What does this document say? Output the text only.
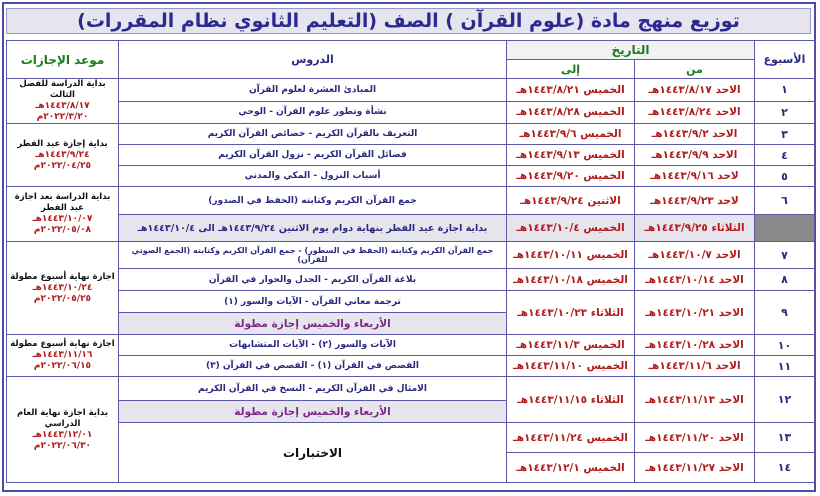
توزيع منهج مادة (علوم القرآن ) الصف (التعليم الثانوي نظام المقررات)
الأسبوع	التاريخ		الدروس	موعد الإجازات
	من	إلى		
١	الاحد ١٤٤٣/٨/١٧هـ	الخميس ١٤٤٣/٨/٢١هـ	المبادئ العشرة لعلوم القرآن	بداية الدراسة للفصل الثالث
١٤٤٣/٨/١٧هـ
٢٠٢٢/٣/٢٠م

٢	الاحد ١٤٤٣/٨/٢٤هـ	الخميس ١٤٤٣/٨/٢٨هـ	نشأة وتطور علوم القرآن - الوحي	
٣	الاحد ١٤٤٣/٩/٢هـ	الخميس ١٤٤٣/٩/٦هـ	التعريف بالقرآن الكريم - خصائص القرآن الكريم	بداية إجازة عيد الفطر
١٤٤٣/٩/٢٤هـ
٢٠٢٢/٠٤/٢٥م

٤	الاحد ١٤٤٣/٩/٩هـ	الخميس ١٤٤٣/٩/١٣هـ	فضائل القرآن الكريم - نزول القرآن الكريم	
٥	لاحد ١٤٤٣/٩/١٦هـ	الخميس ١٤٤٣/٩/٢٠هـ	أسباب النزول - المكي والمدني	
٦	لاحد ١٤٤٣/٩/٢٣هـ	الاثنين ١٤٤٣/٩/٢٤هـ	جمع القرآن الكريم وكتابته (الحفظ في الصدور)	بداية الدراسة بعد اجازة عيد الفطر
١٤٤٣/١٠/٠٧هـ
٢٠٢٢/٠٥/٠٨م

	الثلاثاء ١٤٤٣/٩/٢٥هـ	الخميس ١٤٤٣/١٠/٤هـ	بداية اجازة عيد الفطر بنهاية دوام يوم الاثنين ١٤٤٣/٩/٢٤هـ الى ١٤٤٣/١٠/٤هـ	
٧	الاحد ١٤٤٣/١٠/٧هـ	الخميس ١٤٤٣/١٠/١١هـ	جمع القرآن الكريم وكتابته (الحفظ في السطور) - جمع القرآن الكريم وكتابته (الجمع الصوتي للقرآن)	اجازة نهاية أسبوع مطولة
١٤٤٣/١٠/٢٤هـ
٢٠٢٢/٠٥/٢٥م

٨	الاحد ١٤٤٣/١٠/١٤هـ	الخميس ١٤٤٣/١٠/١٨هـ	بلاغة القرآن الكريم - الجدل والحوار في القرآن	
٩	الاحد ١٤٤٣/١٠/٢١هـ	الثلاثاء ١٤٤٣/١٠/٢٣هـ	ترجمة معاني القرآن - الآيات والسور (١)	
			الأربعاء والخميس إجازة مطولة	
١٠	الاحد ١٤٤٣/١٠/٢٨هـ	الخميس ١٤٤٣/١١/٣هـ	الآيات والسور (٢) - الآيات المتشابهات	اجازة نهاية أسبوع مطولة
١٤٤٣/١١/١٦هـ
٢٠٢٢/٠٦/١٥م

١١	الاحد ١٤٤٣/١١/٦هـ	الخميس ١٤٤٣/١١/١٠هـ	القصص في القرآن (١) - القصص في القرآن (٣)	
١٢	الاحد ١٤٤٣/١١/١٣هـ	الثلاثاء ١٤٤٣/١١/١٥هـ	الامثال في القرآن الكريم - النسخ في القرآن الكريم	بداية اجازة نهاية العام الدراسي
١٤٤٣/١٢/٠١هـ
٢٠٢٢/٠٦/٣٠م

			الأربعاء والخميس إجازة مطولة	
١٣	الاحد ١٤٤٣/١١/٢٠هـ	الخميس ١٤٤٣/١١/٢٤هـ	الاختبارات	
١٤	الاحد ١٤٤٣/١١/٢٧هـ	الخميس ١٤٤٣/١٢/١هـ		
